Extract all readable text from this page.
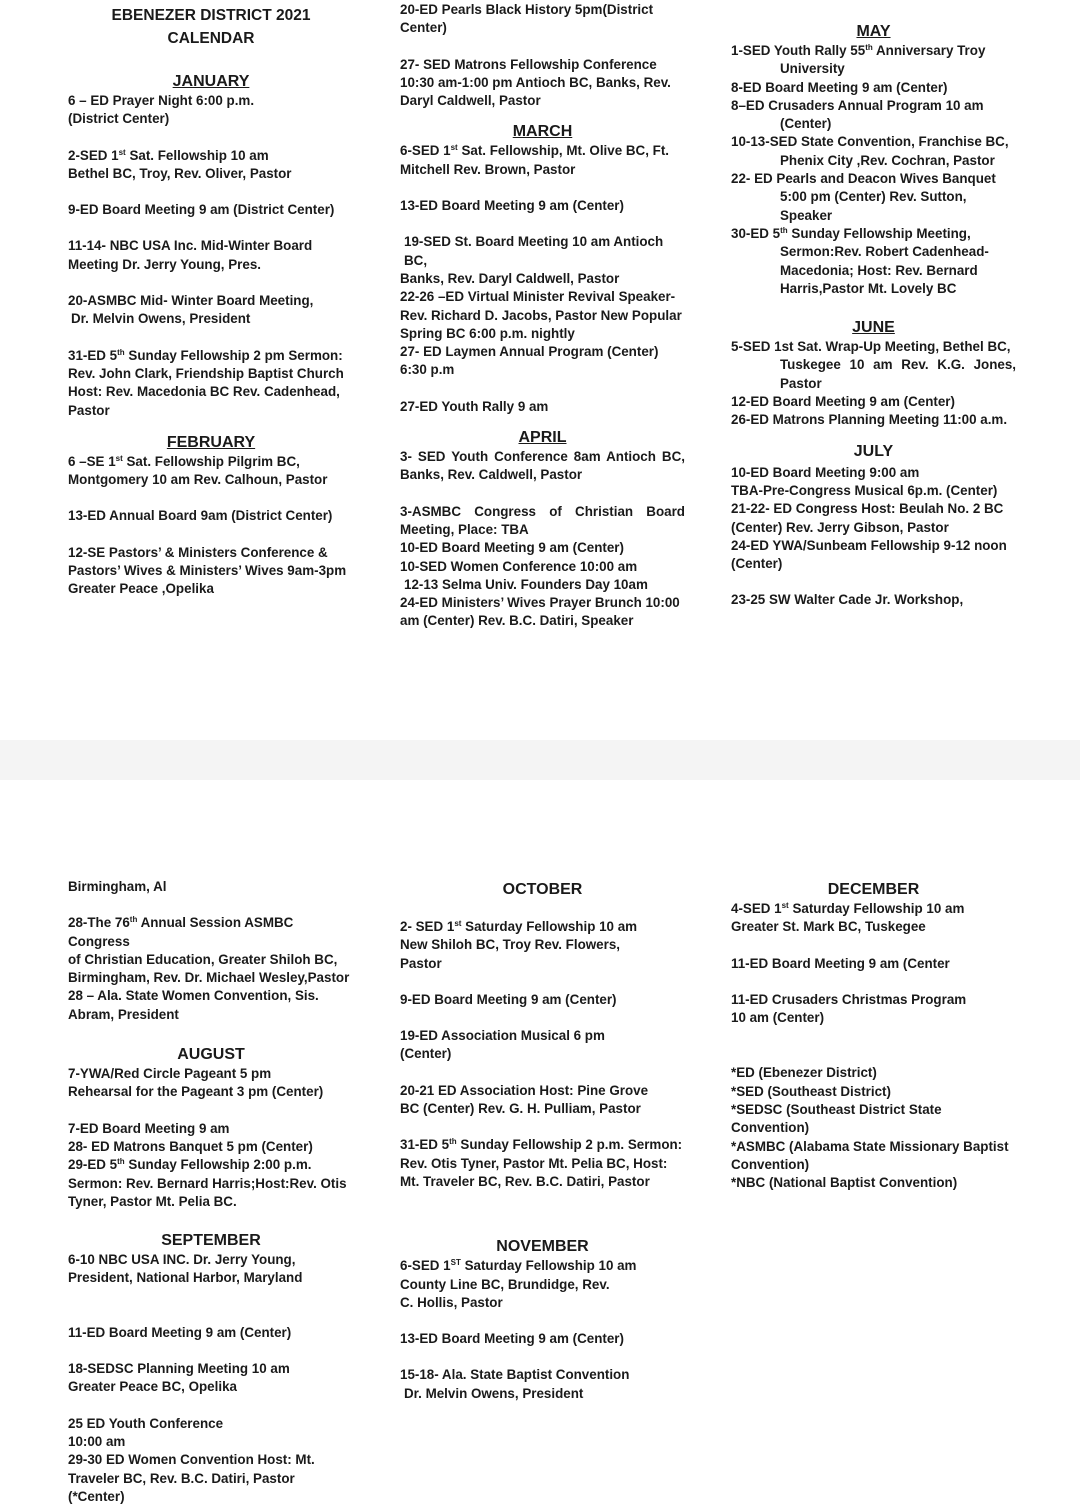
EBENEZER DISTRICT 2021

CALENDAR

JANUARY

6 – ED Prayer Night 6:00 p.m.

(District Center)

2-SED 1st Sat. Fellowship 10 am

Bethel BC, Troy, Rev. Oliver, Pastor

9-ED Board Meeting 9 am (District Center)

11-14- NBC USA Inc. Mid-Winter Board

Meeting Dr. Jerry Young, Pres.

20-ASMBC Mid- Winter Board Meeting,

Dr. Melvin Owens, President

31-ED 5th Sunday Fellowship 2 pm Sermon:

Rev. John Clark, Friendship Baptist Church

Host: Rev. Macedonia BC Rev. Cadenhead,

Pastor

FEBRUARY

6 –SE 1st Sat. Fellowship Pilgrim BC,

Montgomery 10 am Rev. Calhoun, Pastor

13-ED Annual Board 9am (District Center)

12-SE Pastors’ & Ministers Conference &

Pastors’ Wives & Ministers’ Wives 9am-3pm

Greater Peace ,Opelika

20-ED Pearls Black History 5pm(District

Center)

27- SED Matrons Fellowship Conference

10:30 am-1:00 pm Antioch BC, Banks, Rev.

Daryl Caldwell, Pastor

MARCH

6-SED 1st Sat. Fellowship, Mt. Olive BC, Ft.

Mitchell Rev. Brown, Pastor

13-ED Board Meeting 9 am (Center)

19-SED St. Board Meeting 10 am Antioch BC,

Banks, Rev. Daryl Caldwell, Pastor

22-26 –ED Virtual Minister Revival Speaker-

Rev. Richard D. Jacobs, Pastor New Popular

Spring BC 6:00 p.m. nightly

27- ED Laymen Annual Program (Center)

6:30 p.m

27-ED Youth Rally 9 am

APRIL

3- SED Youth Conference 8am Antioch BC,

Banks, Rev. Caldwell, Pastor

3-ASMBC Congress of Christian Board

Meeting, Place: TBA

10-ED Board Meeting 9 am (Center)

10-SED Women Conference 10:00 am

12-13 Selma Univ. Founders Day 10am

24-ED Ministers’ Wives Prayer Brunch 10:00

am (Center) Rev. B.C. Datiri, Speaker

MAY

1-SED Youth Rally 55th Anniversary Troy

University

8-ED Board Meeting 9 am (Center)

8–ED Crusaders Annual Program 10 am

(Center)

10-13-SED State Convention, Franchise BC,

Phenix City ,Rev. Cochran, Pastor

22- ED Pearls and Deacon Wives Banquet

5:00 pm (Center) Rev. Sutton,

Speaker

30-ED 5th Sunday Fellowship Meeting,

Sermon:Rev. Robert Cadenhead-

Macedonia; Host: Rev. Bernard

Harris,Pastor Mt. Lovely BC

JUNE

5-SED 1st Sat. Wrap-Up Meeting, Bethel BC,

Tuskegee 10 am Rev. K.G. Jones,

Pastor

12-ED Board Meeting 9 am (Center)

26-ED Matrons Planning Meeting 11:00 a.m.

JULY

10-ED Board Meeting 9:00 am

TBA-Pre-Congress Musical 6p.m. (Center)

21-22- ED Congress Host: Beulah No. 2 BC

(Center) Rev. Jerry Gibson, Pastor

24-ED YWA/Sunbeam Fellowship 9-12 noon

(Center)

23-25 SW Walter Cade Jr. Workshop,

Birmingham, Al

28-The 76th Annual Session ASMBC Congress

of Christian Education, Greater Shiloh BC,

Birmingham, Rev. Dr. Michael Wesley,Pastor

28 – Ala. State Women Convention, Sis.

Abram, President

AUGUST

7-YWA/Red Circle Pageant 5 pm

Rehearsal for the Pageant 3 pm (Center)

7-ED Board Meeting 9 am

28- ED Matrons Banquet 5 pm (Center)

29-ED 5th Sunday Fellowship 2:00 p.m.

Sermon: Rev. Bernard Harris;Host:Rev. Otis

Tyner, Pastor Mt. Pelia BC.

SEPTEMBER

6-10 NBC USA INC. Dr. Jerry Young,

President, National Harbor, Maryland

11-ED Board Meeting 9 am (Center)

18-SEDSC Planning Meeting 10 am

Greater Peace BC, Opelika

25 ED Youth Conference

10:00 am

29-30 ED Women Convention Host: Mt.

Traveler BC, Rev. B.C. Datiri, Pastor (*Center)

OCTOBER

2- SED 1st Saturday Fellowship 10 am

New Shiloh BC, Troy Rev. Flowers,

Pastor

9-ED Board Meeting 9 am (Center)

19-ED Association Musical 6 pm

(Center)

20-21 ED Association Host: Pine Grove

BC (Center) Rev. G. H. Pulliam, Pastor

31-ED 5th Sunday Fellowship 2 p.m. Sermon:

Rev. Otis Tyner, Pastor Mt. Pelia BC, Host:

Mt. Traveler BC, Rev. B.C. Datiri, Pastor

NOVEMBER

6-SED 1ST Saturday Fellowship 10 am

County Line BC, Brundidge, Rev.

C. Hollis, Pastor

13-ED Board Meeting 9 am (Center)

15-18- Ala. State Baptist Convention

Dr. Melvin Owens, President

DECEMBER

4-SED 1st Saturday Fellowship 10 am

Greater St. Mark BC, Tuskegee

11-ED Board Meeting 9 am (Center

11-ED Crusaders Christmas Program

10 am (Center)

*ED (Ebenezer District)

*SED (Southeast District)

*SEDSC (Southeast District State Convention)

*ASMBC (Alabama State Missionary Baptist Convention)

*NBC (National Baptist Convention)
